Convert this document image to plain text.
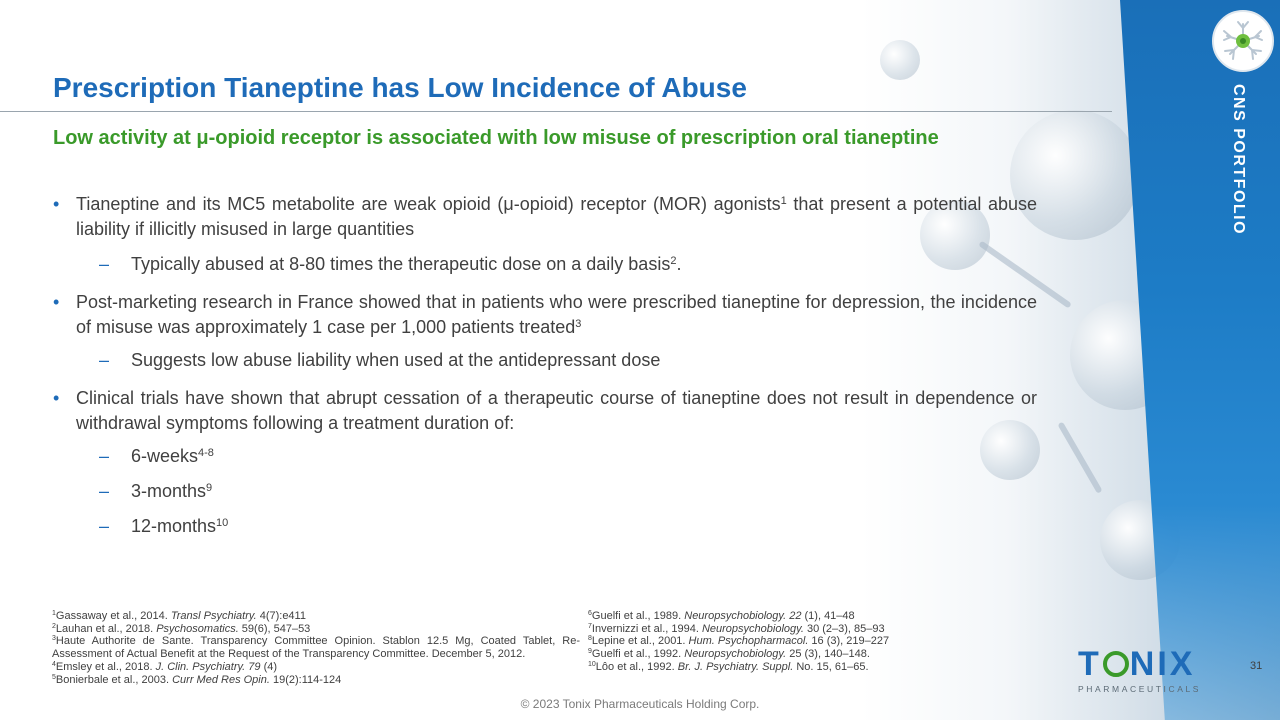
CNS PORTFOLIO
Prescription Tianeptine has Low Incidence of Abuse
Low activity at μ-opioid receptor is associated with low misuse of prescription oral tianeptine
• Tianeptine and its MC5 metabolite are weak opioid (μ-opioid) receptor (MOR) agonists$^1$ that present a potential abuse liability if illicitly misused in large quantities
– Typically abused at 8-80 times the therapeutic dose on a daily basis$^2$.
• Post-marketing research in France showed that in patients who were prescribed tianeptine for depression, the incidence of misuse was approximately 1 case per 1,000 patients treated$^3$
– Suggests low abuse liability when used at the antidepressant dose
• Clinical trials have shown that abrupt cessation of a therapeutic course of tianeptine does not result in dependence or withdrawal symptoms following a treatment duration of:
– 6-weeks$^{4-8}$
– 3-months$^9$
– 12-months$^{10}$
$^1$Gassaway et al., 2014. Transl Psychiatry. 4(7):e411
$^2$Lauhan et al., 2018. Psychosomatics. 59(6), 547–53
$^3$Haute Authorite de Sante. Transparency Committee Opinion. Stablon 12.5 Mg, Coated Tablet, Re-Assessment of Actual Benefit at the Request of the Transparency Committee. December 5, 2012.
$^4$Emsley et al., 2018. J. Clin. Psychiatry. 79 (4)
$^5$Bonierbale et al., 2003. Curr Med Res Opin. 19(2):114-124
$^6$Guelfi et al., 1989. Neuropsychobiology. 22 (1), 41–48
$^7$Invernizzi et al., 1994. Neuropsychobiology. 30 (2–3), 85–93
$^8$Lepine et al., 2001. Hum. Psychopharmacol. 16 (3), 219–227
$^9$Guelfi et al., 1992. Neuropsychobiology. 25 (3), 140–148.
$^{10}$Lôo et al., 1992. Br. J. Psychiatry. Suppl. No. 15, 61–65.	T NIX
PHARMACEUTICALS
31
© 2023 Tonix Pharmaceuticals Holding Corp.
